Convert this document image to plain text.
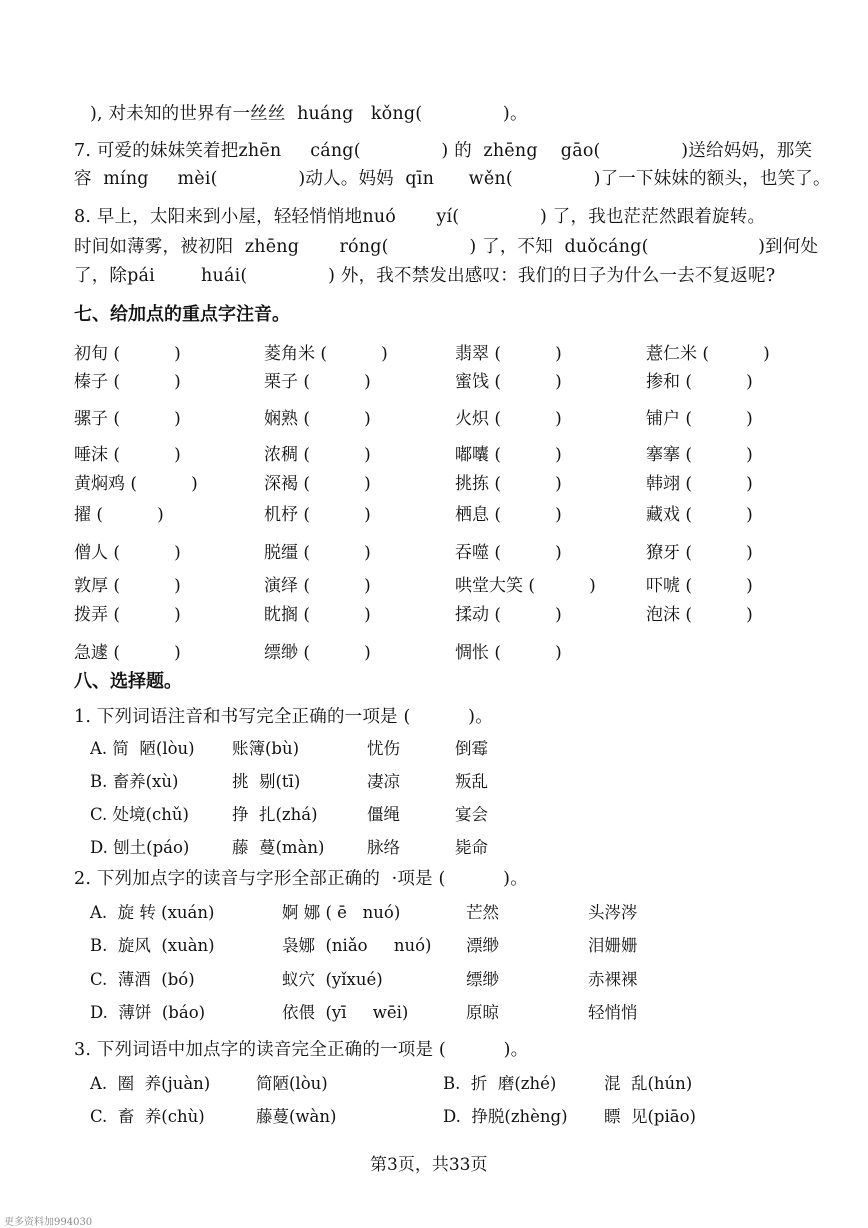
), 对未知的世界有一丝丝  huáng   kǒng(              )。
7. 可爱的妹妹笑着把zhēn     cáng(              ) 的  zhēng    gāo(              )送给妈妈，那笑
容  míng     mèi(              )动人。妈妈  qīn      wěn(              )了一下妹妹的额头，也笑了。
8. 早上，太阳来到小屋，轻轻悄悄地nuó       yí(              ) 了，我也茫茫然跟着旋转。
时间如薄雾，被初阳  zhēng       róng(              ) 了，不知  duǒcáng(                   )到何处
了，除pái        huái(              ) 外，我不禁发出感叹：我们的日子为什么一去不复返呢?
七、给加点的重点字注音。
初旬 (          )	菱角米 (          )	翡翠 (          )	薏仁米 (          )
榛子 (          )	栗子 (          )	蜜饯 (          )	掺和 (          )
骡子 (          )	娴熟 (          )	火炽 (          )	铺户 (          )
唾沫 (          )	浓稠 (          )	嘟囔 (          )	搴搴 (          )
黄焖鸡 (          )	深褐 (          )	挑拣 (          )	韩翊 (          )
擢 (          )	机杼 (          )	栖息 (          )	藏戏 (          )
僧人 (          )	脱缰 (          )	吞噬 (          )	獠牙 (          )
敦厚 (          )	演绎 (          )	哄堂大笑 (          )	吓唬 (          )
拨弄 (          )	眈搁 (          )	揉动 (          )	泡沫 (          )
急遽 (          )	缥缈 (          )	惆怅 (          )
八、选择题。
1. 下列词语注音和书写完全正确的一项是 (          )。
A. 简  陋(lòu) 账簿(bù)	忧伤	倒霉
B. 畜养(xù)	挑  剔(tī)	凄凉	叛乱
C. 处境(chǔ)	挣  扎(zhá)	僵绳	宴会
D. 刨土(páo)	藤  蔓(màn)	脉络	毙命
2. 下列加点字的读音与字形全部正确的  ·项是 (          )。
A.  旋 转 (xuán)	婀 娜 ( ē   nuó)	芒然	头涔涔
B.  旋风  (xuàn)	袅娜  (niǎo     nuó) 漂缈	泪姗姗
C.  薄酒  (bó)	蚁穴  (yǐxué)	缥缈	赤裸裸
D.  薄饼  (báo)	依偎  (yī     wēi)	原晾	轻悄悄
3. 下列词语中加点字的读音完全正确的一项是 (          )。
A.  圈  养(juàn)	简陋(lòu)	B.  折  磨(zhé)	混  乱(hún)
C.  畜  养(chù)	藤蔓(wàn)	D.  挣脱(zhèng) 瞟  见(piāo)
第3页，共33页
更多资料加994030
